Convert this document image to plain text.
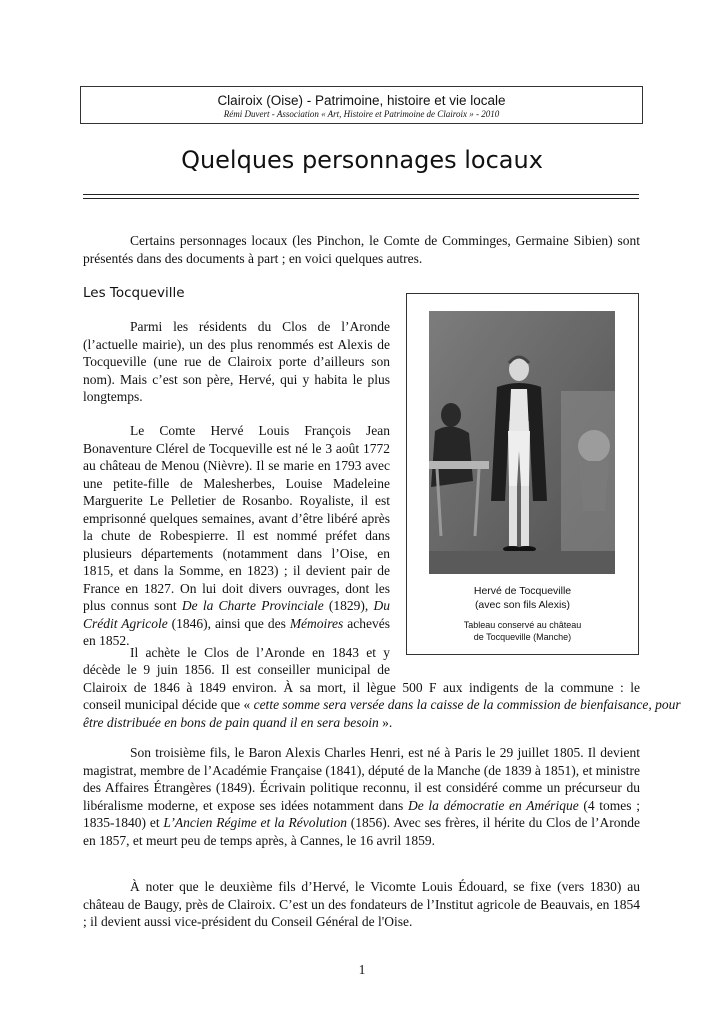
Clairoix (Oise) - Patrimoine, histoire et vie locale
Rémi Duvert - Association « Art, Histoire et Patrimoine de Clairoix » - 2010
Quelques personnages locaux
Certains personnages locaux (les Pinchon, le Comte de Comminges, Germaine Sibien) sont présentés dans des documents à part ; en voici quelques autres.
Les Tocqueville
Parmi les résidents du Clos de l’Aronde (l’actuelle mairie), un des plus renommés est Alexis de Tocqueville (une rue de Clairoix porte d’ailleurs son nom). Mais c’est son père, Hervé, qui y habita le plus longtemps.
Le Comte Hervé Louis François Jean Bonaventure Clérel de Tocqueville est né le 3 août 1772 au château de Menou (Nièvre). Il se marie en 1793 avec une petite-fille de Malesherbes, Louise Madeleine Marguerite Le Pelletier de Rosanbo. Royaliste, il est emprisonné quelques semaines, avant d’être libéré après la chute de Robespierre. Il est nommé préfet dans plusieurs départements (notamment dans l’Oise, en 1815, et dans la Somme, en 1823) ; il devient pair de France en 1827. On lui doit divers ouvrages, dont les plus connus sont De la Charte Provinciale (1829), Du Crédit Agricole (1846), ainsi que des Mémoires achevés en 1852.
Il achète le Clos de l’Aronde en 1843 et y
décède le 9 juin 1856. Il est conseiller municipal de
Clairoix de 1846 à 1849 environ. À sa mort, il lègue 500 F aux indigents de la commune : le
conseil municipal décide que « cette somme sera versée dans la caisse de la commission de bienfaisance, pour
être distribuée en bons de pain quand il en sera besoin ».
Son troisième fils, le Baron Alexis Charles Henri, est né à Paris le 29 juillet 1805. Il devient magistrat, membre de l’Académie Française (1841), député de la Manche (de 1839 à 1851), et ministre des Affaires Étrangères (1849). Écrivain politique reconnu, il est considéré comme un précurseur du libéralisme moderne, et expose ses idées notamment dans De la démocratie en Amérique (4 tomes ; 1835-1840) et L’Ancien Régime et la Révolution (1856). Avec ses frères, il hérite du Clos de l’Aronde en 1857, et meurt peu de temps après, à Cannes, le 16 avril 1859.
À noter que le deuxième fils d’Hervé, le Vicomte Louis Édouard, se fixe (vers 1830) au château de Baugy, près de Clairoix. C’est un des fondateurs de l’Institut agricole de Beauvais, en 1854 ; il devient aussi vice-président du Conseil Général de l'Oise.
Hervé de Tocqueville
(avec son fils Alexis)
Tableau conservé au château
de Tocqueville (Manche)
1
